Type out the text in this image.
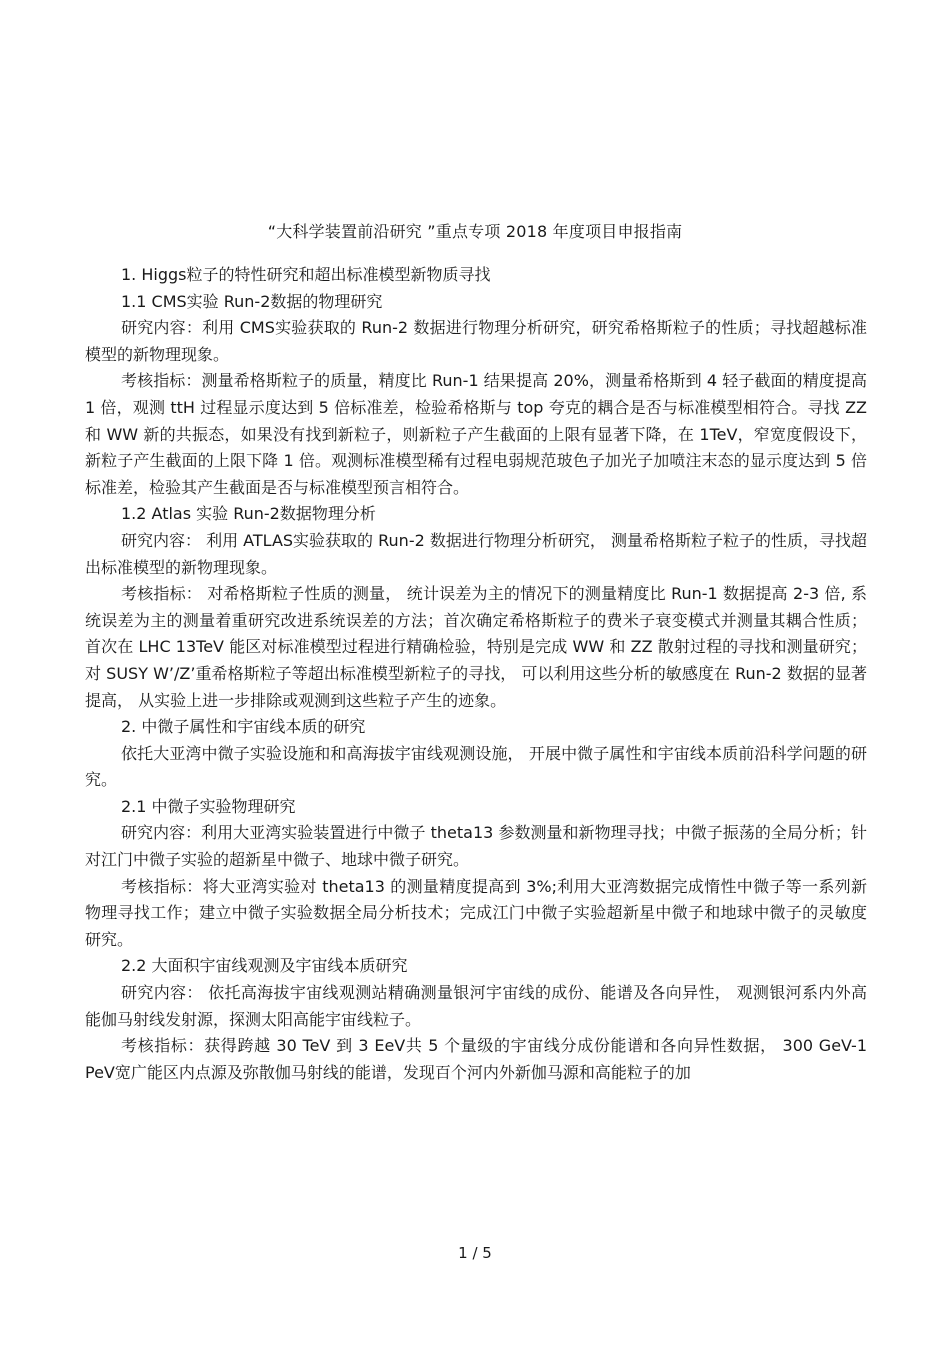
“大科学装置前沿研究 ”重点专项 2018 年度项目申报指南

1. Higgs粒子的特性研究和超出标准模型新物质寻找

1.1 CMS实验 Run-2数据的物理研究

研究内容：利用 CMS实验获取的 Run-2 数据进行物理分析研究，研究希格斯粒子的性质；寻找超越标准模型的新物理现象。

考核指标：测量希格斯粒子的质量，精度比 Run-1 结果提高 20%，测量希格斯到 4 轻子截面的精度提高 1 倍，观测 ttH 过程显示度达到 5 倍标准差，检验希格斯与 top 夸克的耦合是否与标准模型相符合。寻找 ZZ 和 WW 新的共振态，如果没有找到新粒子，则新粒子产生截面的上限有显著下降，在 1TeV，窄宽度假设下，新粒子产生截面的上限下降 1 倍。观测标准模型稀有过程电弱规范玻色子加光子加喷注末态的显示度达到 5 倍标准差，检验其产生截面是否与标准模型预言相符合。

1.2 Atlas 实验 Run-2数据物理分析

研究内容： 利用 ATLAS实验获取的 Run-2 数据进行物理分析研究， 测量希格斯粒子粒子的性质，寻找超出标准模型的新物理现象。

考核指标： 对希格斯粒子性质的测量， 统计误差为主的情况下的测量精度比 Run-1 数据提高 2-3 倍, 系统误差为主的测量着重研究改进系统误差的方法；首次确定希格斯粒子的费米子衰变模式并测量其耦合性质；首次在 LHC 13TeV 能区对标准模型过程进行精确检验，特别是完成 WW 和 ZZ 散射过程的寻找和测量研究；对 SUSY W’/Z’重希格斯粒子等超出标准模型新粒子的寻找， 可以利用这些分析的敏感度在 Run-2 数据的显著提高， 从实验上进一步排除或观测到这些粒子产生的迹象。

2. 中微子属性和宇宙线本质的研究

依托大亚湾中微子实验设施和和高海拔宇宙线观测设施， 开展中微子属性和宇宙线本质前沿科学问题的研究。

2.1 中微子实验物理研究

研究内容：利用大亚湾实验装置进行中微子 theta13 参数测量和新物理寻找；中微子振荡的全局分析；针对江门中微子实验的超新星中微子、地球中微子研究。

考核指标：将大亚湾实验对 theta13 的测量精度提高到 3%;利用大亚湾数据完成惰性中微子等一系列新物理寻找工作；建立中微子实验数据全局分析技术；完成江门中微子实验超新星中微子和地球中微子的灵敏度研究。

2.2 大面积宇宙线观测及宇宙线本质研究

研究内容： 依托高海拔宇宙线观测站精确测量银河宇宙线的成份、能谱及各向异性， 观测银河系内外高能伽马射线发射源，探测太阳高能宇宙线粒子。

考核指标：获得跨越 30 TeV 到 3 EeV共 5 个量级的宇宙线分成份能谱和各向异性数据， 300 GeV-1 PeV宽广能区内点源及弥散伽马射线的能谱，发现百个河内外新伽马源和高能粒子的加

1 / 5
